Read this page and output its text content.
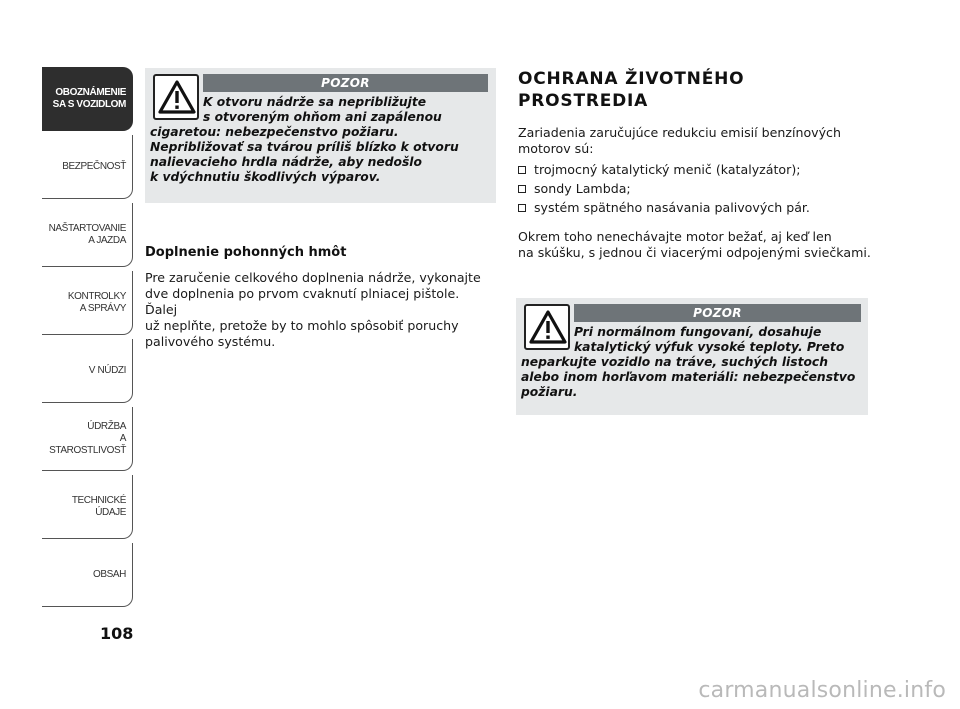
OBOZNÁMENIE
SA S VOZIDLOM
BEZPEČNOSŤ
NAŠTARTOVANIE
A JAZDA
KONTROLKY
A SPRÁVY
V NÚDZI
ÚDRŽBA
A STAROSTLIVOSŤ
TECHNICKÉ
ÚDAJE
OBSAH
108
POZOR
K otvoru nádrže sa nepribližujte
s otvoreným ohňom ani zapálenou
cigaretou: nebezpečenstvo požiaru.
Nepribližovať sa tvárou príliš blízko k otvoru
nalievacieho hrdla nádrže, aby nedošlo
k vdýchnutiu škodlivých výparov.
Doplnenie pohonných hmôt
Pre zaručenie celkového doplnenia nádrže, vykonajte
dve doplnenia po prvom cvaknutí plniacej pištole. Ďalej
už neplňte, pretože by to mohlo spôsobiť poruchy
palivového systému.
OCHRANA ŽIVOTNÉHO
PROSTREDIA
Zariadenia zaručujúce redukciu emisií benzínových
motorov sú:
trojmocný katalytický menič (katalyzátor);
sondy Lambda;
systém spätného nasávania palivových pár.
Okrem toho nenechávajte motor bežať, aj keď len
na skúšku, s jednou či viacerými odpojenými sviečkami.
POZOR
Pri normálnom fungovaní, dosahuje
katalytický výfuk vysoké teploty. Preto
neparkujte vozidlo na tráve, suchých listoch
alebo inom horľavom materiáli: nebezpečenstvo
požiaru.
carmanualsonline.info
